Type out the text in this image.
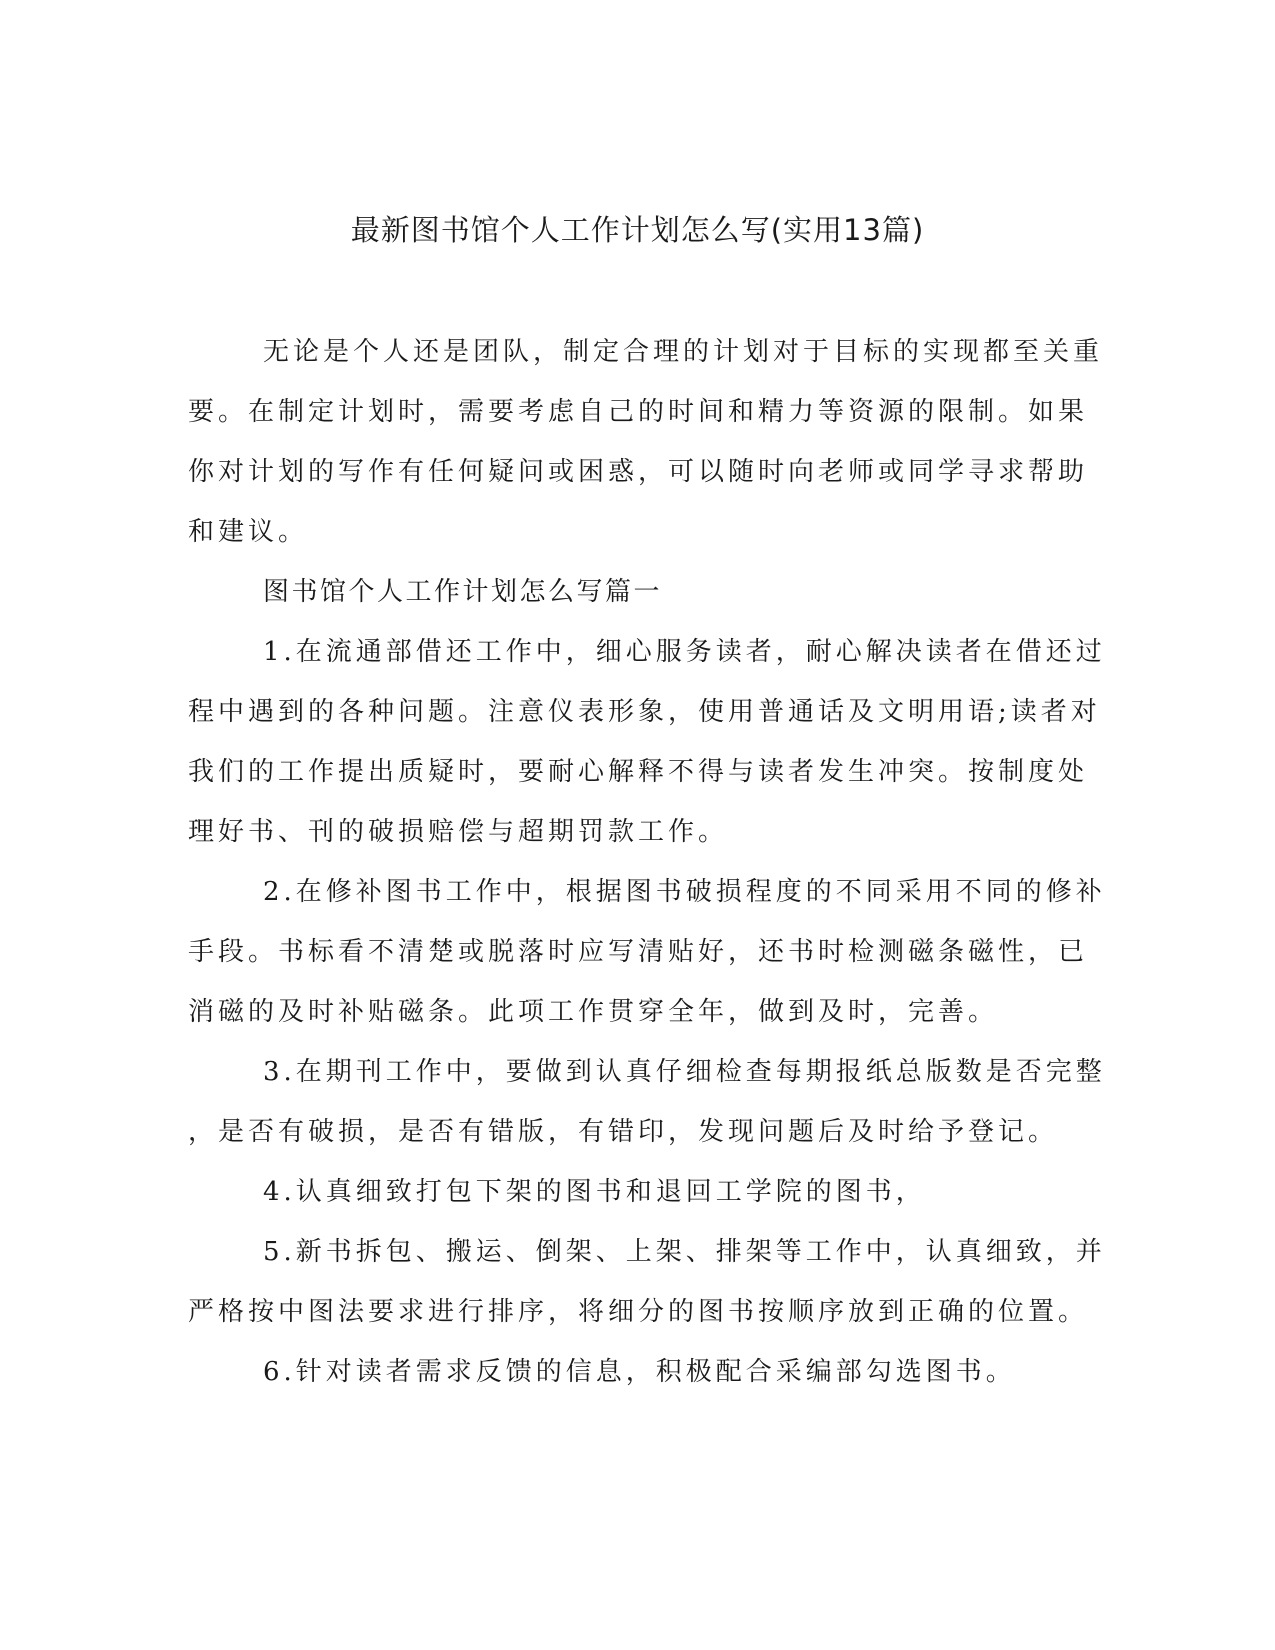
最新图书馆个人工作计划怎么写(实用13篇)
无论是个人还是团队，制定合理的计划对于目标的实现都至关重
要。在制定计划时，需要考虑自己的时间和精力等资源的限制。如果
你对计划的写作有任何疑问或困惑，可以随时向老师或同学寻求帮助
和建议。
图书馆个人工作计划怎么写篇一
1.在流通部借还工作中，细心服务读者，耐心解决读者在借还过
程中遇到的各种问题。注意仪表形象，使用普通话及文明用语;读者对
我们的工作提出质疑时，要耐心解释不得与读者发生冲突。按制度处
理好书、刊的破损赔偿与超期罚款工作。
2.在修补图书工作中，根据图书破损程度的不同采用不同的修补
手段。书标看不清楚或脱落时应写清贴好，还书时检测磁条磁性，已
消磁的及时补贴磁条。此项工作贯穿全年，做到及时，完善。
3.在期刊工作中，要做到认真仔细检查每期报纸总版数是否完整
，是否有破损，是否有错版，有错印，发现问题后及时给予登记。
4.认真细致打包下架的图书和退回工学院的图书，
5.新书拆包、搬运、倒架、上架、排架等工作中，认真细致，并
严格按中图法要求进行排序，将细分的图书按顺序放到正确的位置。
6.针对读者需求反馈的信息，积极配合采编部勾选图书。
